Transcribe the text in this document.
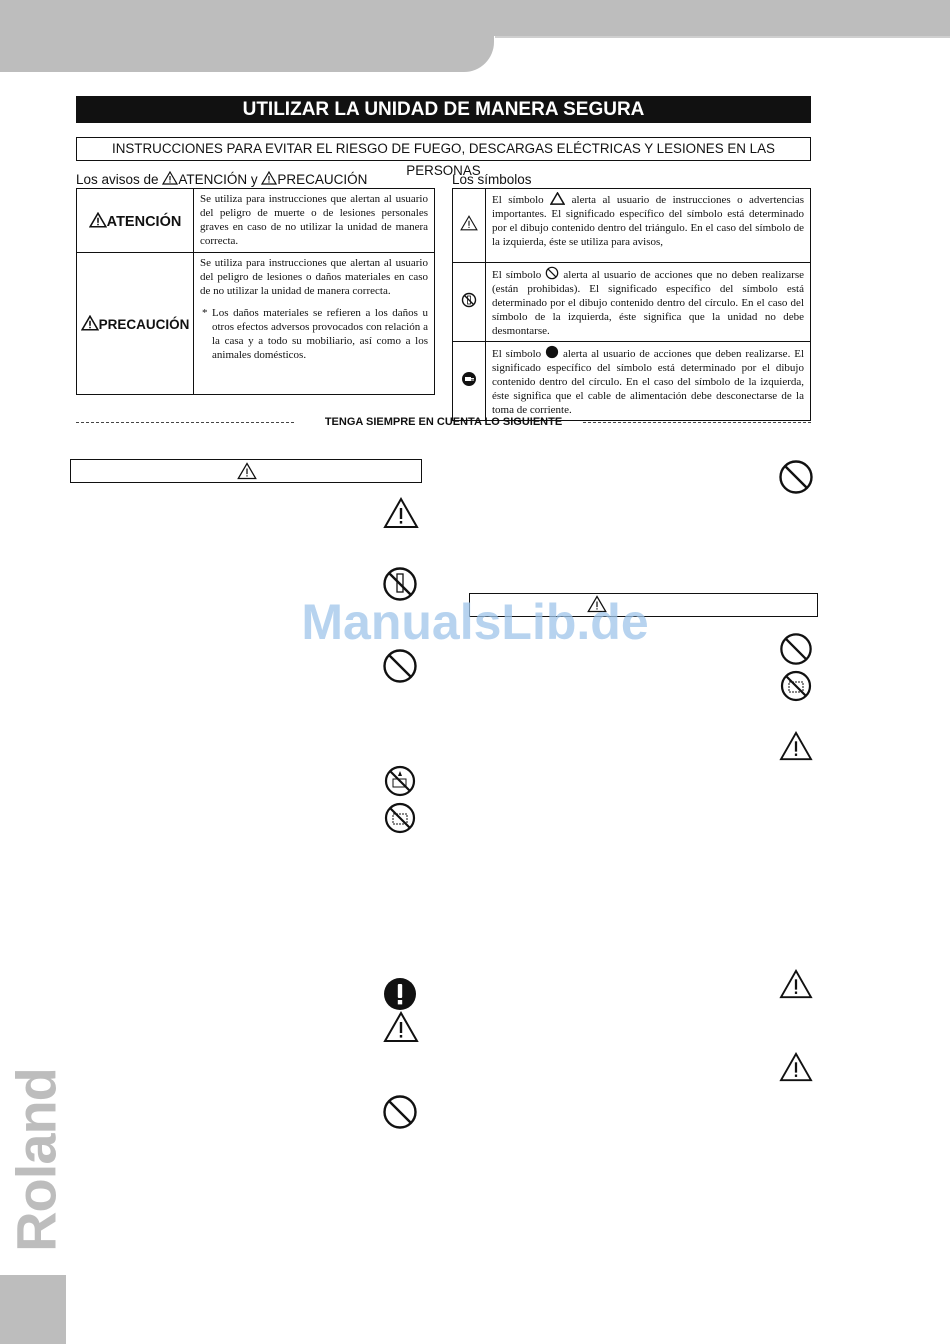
UTILIZAR LA UNIDAD DE MANERA SEGURA
INSTRUCCIONES PARA EVITAR EL RIESGO DE FUEGO, DESCARGAS ELÉCTRICAS Y LESIONES EN LAS PERSONAS
Los avisos de ATENCIÓN y PRECAUCIÓN	Los símbolos
ATENCIÓN	Se utiliza para instrucciones que alertan al usuario del peligro de muerte o de lesiones personales graves en caso de no utilizar la unidad de manera correcta.
PRECAUCIÓN	Se utiliza para instrucciones que alertan al usuario del peligro de lesiones o daños materiales en caso de no utilizar la unidad de manera correcta.
* Los daños materiales se refieren a los daños u otros efectos adversos provocados con relación a la casa y a todo su mobiliario, así como a los animales domésticos.
	El símbolo alerta al usuario de instrucciones o advertencias importantes. El significado específico del símbolo está determinado por el dibujo contenido dentro del triángulo. En el caso del símbolo de la izquierda, éste se utiliza para avisos,
	El símbolo alerta al usuario de acciones que no deben realizarse (están prohibidas). El significado específico del símbolo está determinado por el dibujo contenido dentro del círculo. En el caso del símbolo de la izquierda, éste significa que la unidad no debe desmontarse.
	El símbolo alerta al usuario de acciones que deben realizarse. El significado específico del símbolo está determinado por el dibujo contenido dentro del círculo. En el caso del símbolo de la izquierda, éste significa que el cable de alimentación debe desconectarse de la toma de corriente.
TENGA SIEMPRE EN CUENTA LO SIGUIENTE
ManualsLib.de
Roland
